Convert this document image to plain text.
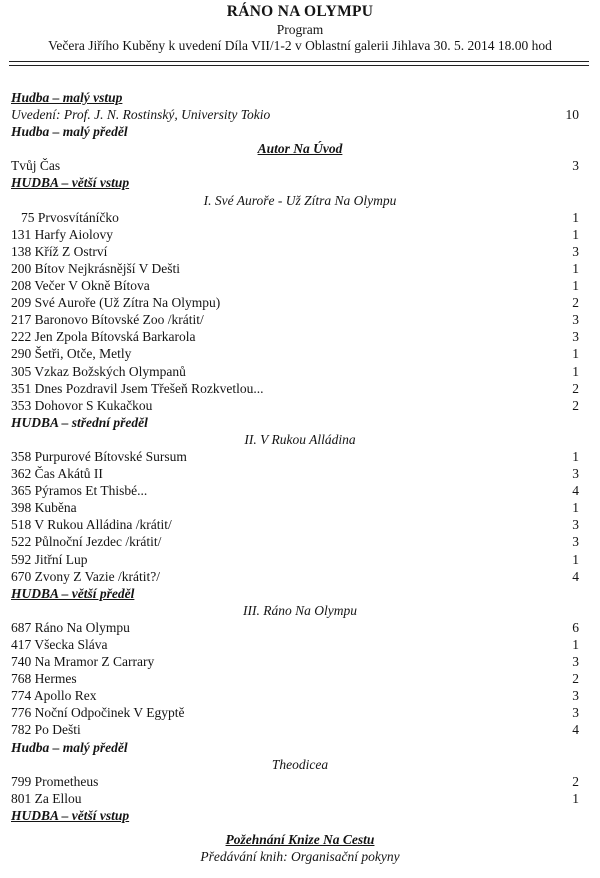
RÁNO NA OLYMPU
Program
Večera Jiřího Kuběny k uvedení Díla VII/1-2 v Oblastní galerii Jihlava 30. 5. 2014 18.00 hod
Hudba – malý vstup
Uvedení: Prof. J. N. Rostinský, University Tokio	10
Hudba – malý předěl
Autor Na Úvod
Tvůj Čas	3
HUDBA – větší vstup
I. Své Auroře - Už Zítra Na Olympu
75 Prvosvítáníčko	1
131 Harfy Aiolovy	1
138 Kříž Z Ostrví	3
200 Bítov Nejkrásnější V Dešti	1
208 Večer V Okně Bítova	1
209 Své Auroře (Už Zítra Na Olympu)	2
217 Baronovo Bítovské Zoo /krátit/	3
222 Jen Zpola Bítovská Barkarola	3
290 Šetři, Otče, Metly	1
305 Vzkaz Božských Olympanů	1
351 Dnes Pozdravil Jsem Třešeň Rozkvetlou...	2
353 Dohovor S Kukačkou	2
HUDBA – střední předěl
II. V Rukou Alládina
358 Purpurové Bítovské Sursum	1
362 Čas Akátů II	3
365 Pýramos Et Thisbé...	4
398 Kuběna	1
518 V Rukou Alládina /krátit/	3
522 Půlnoční Jezdec /krátit/	3
592 Jitřní Lup	1
670 Zvony Z Vazie /krátit?/	4
HUDBA – větší předěl
III. Ráno Na Olympu
687 Ráno Na Olympu	6
417 Všecka Sláva	1
740 Na Mramor Z Carrary	3
768 Hermes	2
774 Apollo Rex	3
776 Noční Odpočinek V Egyptě	3
782 Po Dešti	4
Hudba – malý předěl
Theodicea
799 Prometheus	2
801 Za Ellou	1
HUDBA – větší vstup
Požehnání Knize Na Cestu
Předávání knih: Organisační pokyny
